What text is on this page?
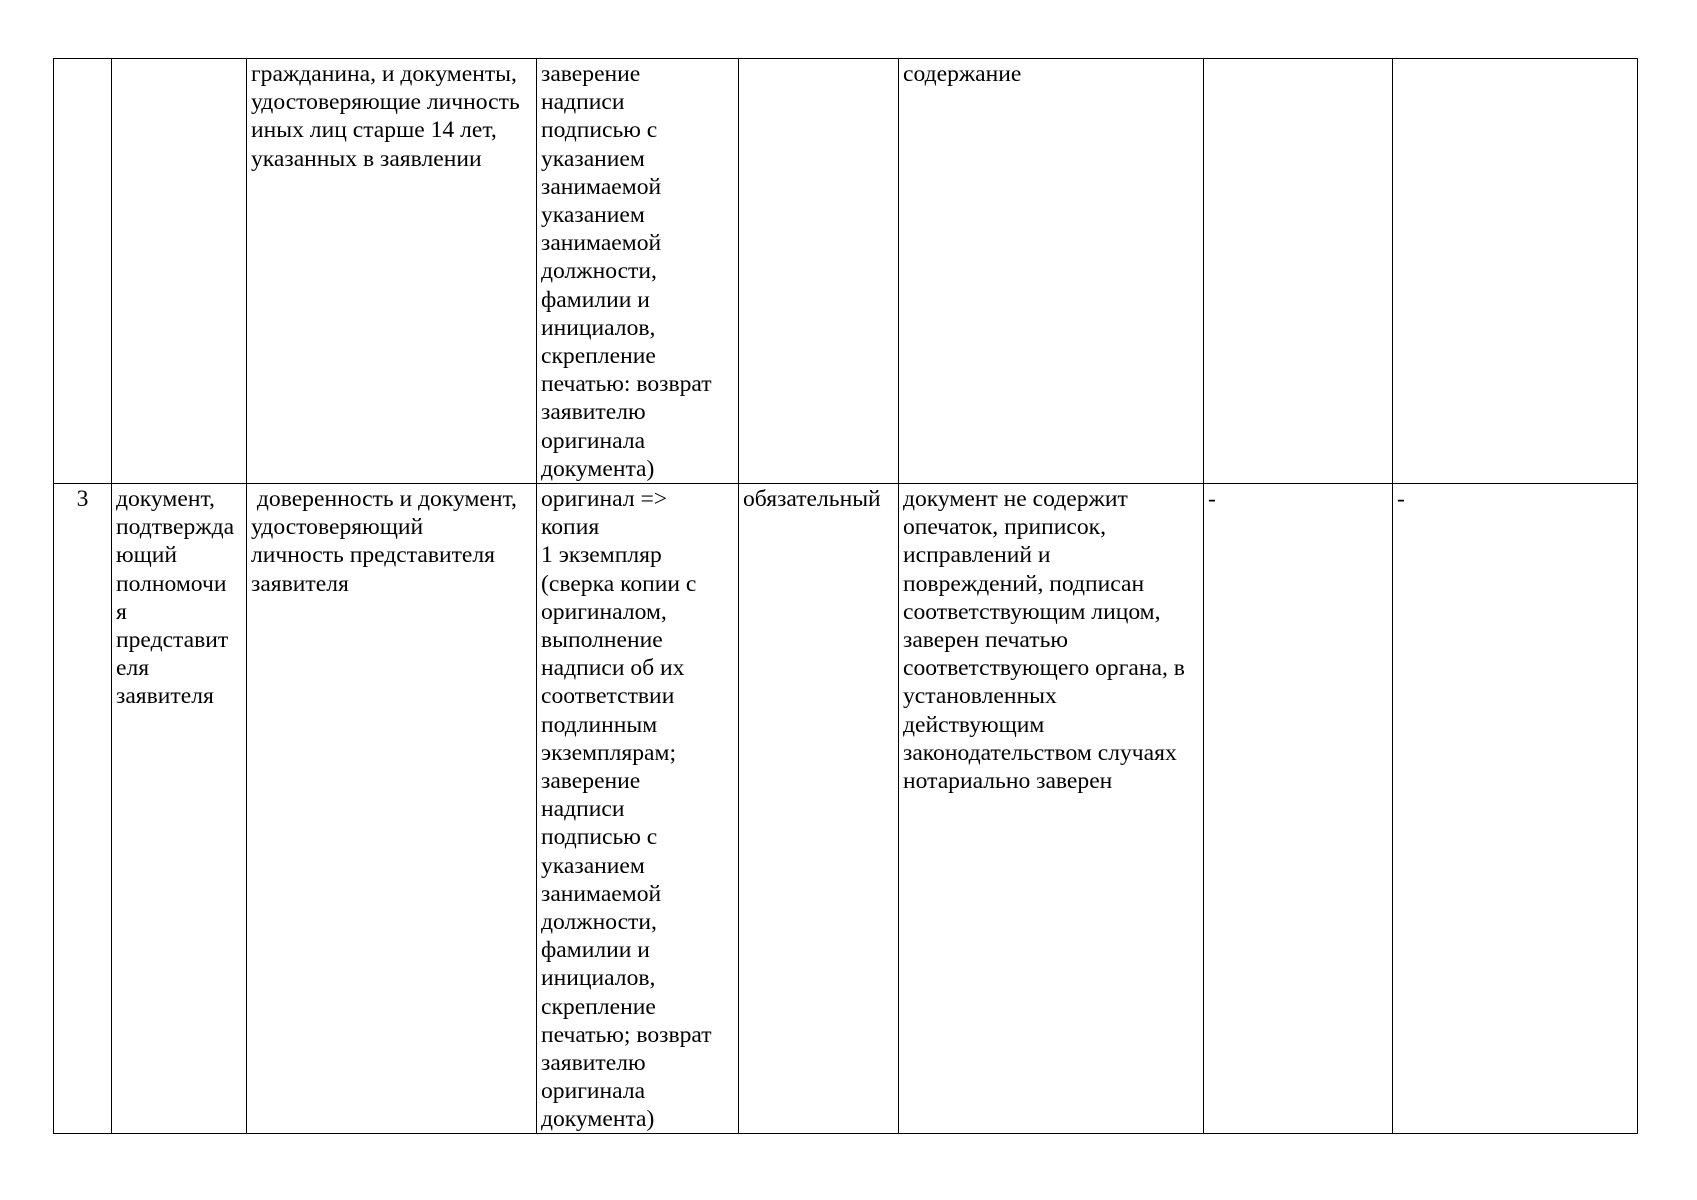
гражданина, и документы,
удостоверяющие личность
иных лиц старше 14 лет,
указанных в заявлении
заверение
надписи
подписью с
указанием
занимаемой
указанием
занимаемой
должности,
фамилии и
инициалов,
скрепление
печатью: возврат
заявителю
оригинала
документа)
содержание
3	документ,
подтвержда
ющий
полномочи
я
представит
еля
заявителя
доверенность и документ,
удостоверяющий
личность представителя
заявителя
оригинал =>
копия
1 экземпляр
(сверка копии с
оригиналом,
выполнение
надписи об их
соответствии
подлинным
экземплярам;
заверение
надписи
подписью с
указанием
занимаемой
должности,
фамилии и
инициалов,
скрепление
печатью; возврат
заявителю
оригинала
документа)
обязательный документ не содержит
опечаток, приписок,
исправлений и
повреждений, подписан
соответствующим лицом,
заверен печатью
соответствующего органа, в
установленных
действующим
законодательством случаях
нотариально заверен
-	-
